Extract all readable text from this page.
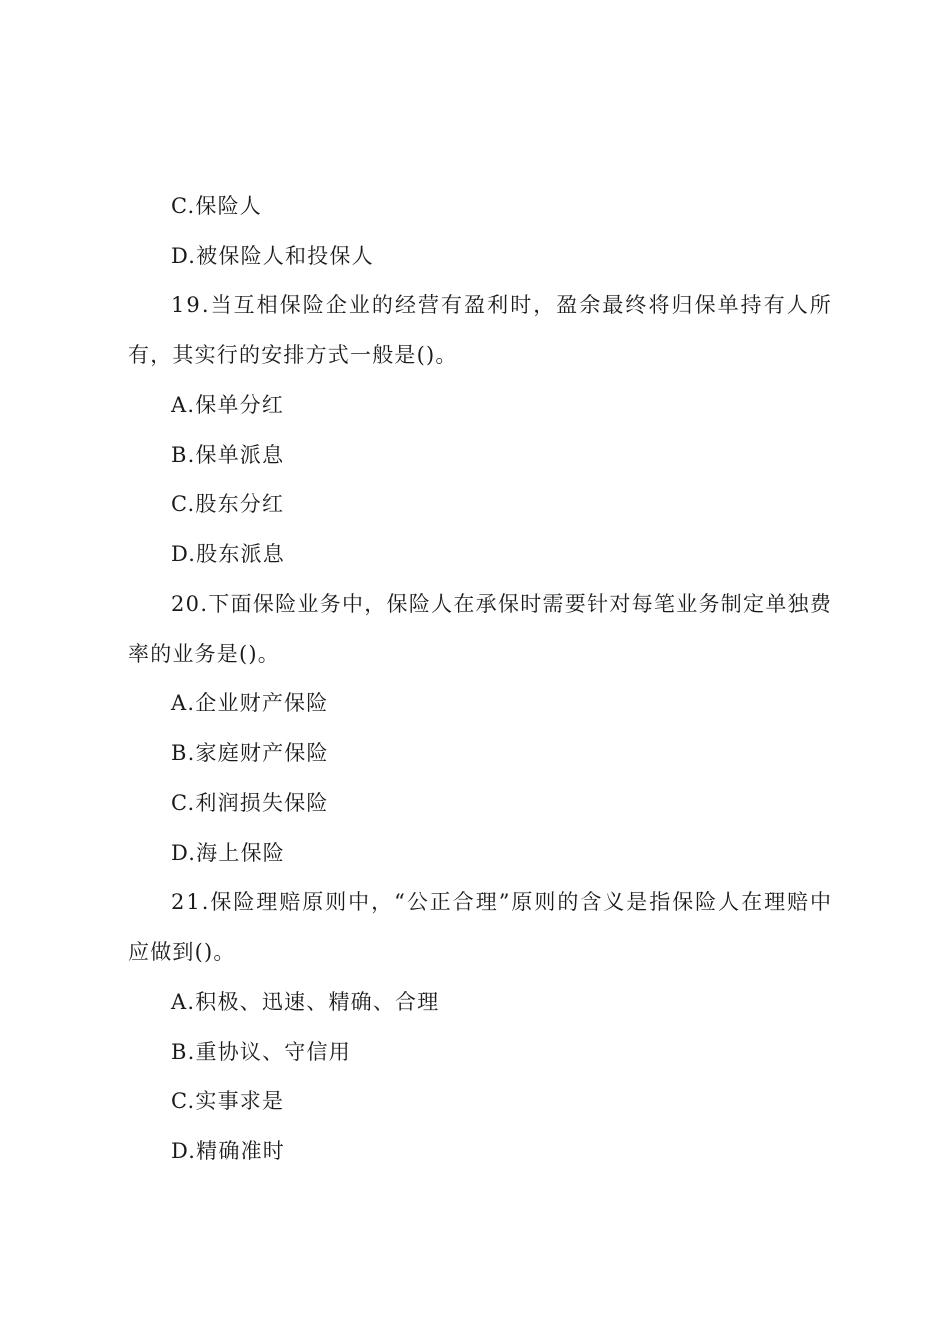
C.保险人
D.被保险人和投保人
1 9 . 当 互 相 保 险 企 业 的 经 营 有 盈 利 时 ， 盈 余 最 终 将 归 保 单 持 有 人 所
有，其实行的安排方式一般是()。
A.保单分红
B.保单派息
C.股东分红
D.股东派息
2 0 . 下 面 保 险 业 务 中 ， 保 险 人 在 承 保 时 需 要 针 对 每 笔 业 务 制 定 单 独 费
率的业务是()。
A.企业财产保险
B.家庭财产保险
C.利润损失保险
D.海上保险
2 1 . 保 险 理 赔 原 则 中 ， “ 公 正 合 理 ” 原 则 的 含 义 是 指 保 险 人 在 理 赔 中
应做到()。
A.积极、迅速、精确、合理
B.重协议、守信用
C.实事求是
D.精确准时
